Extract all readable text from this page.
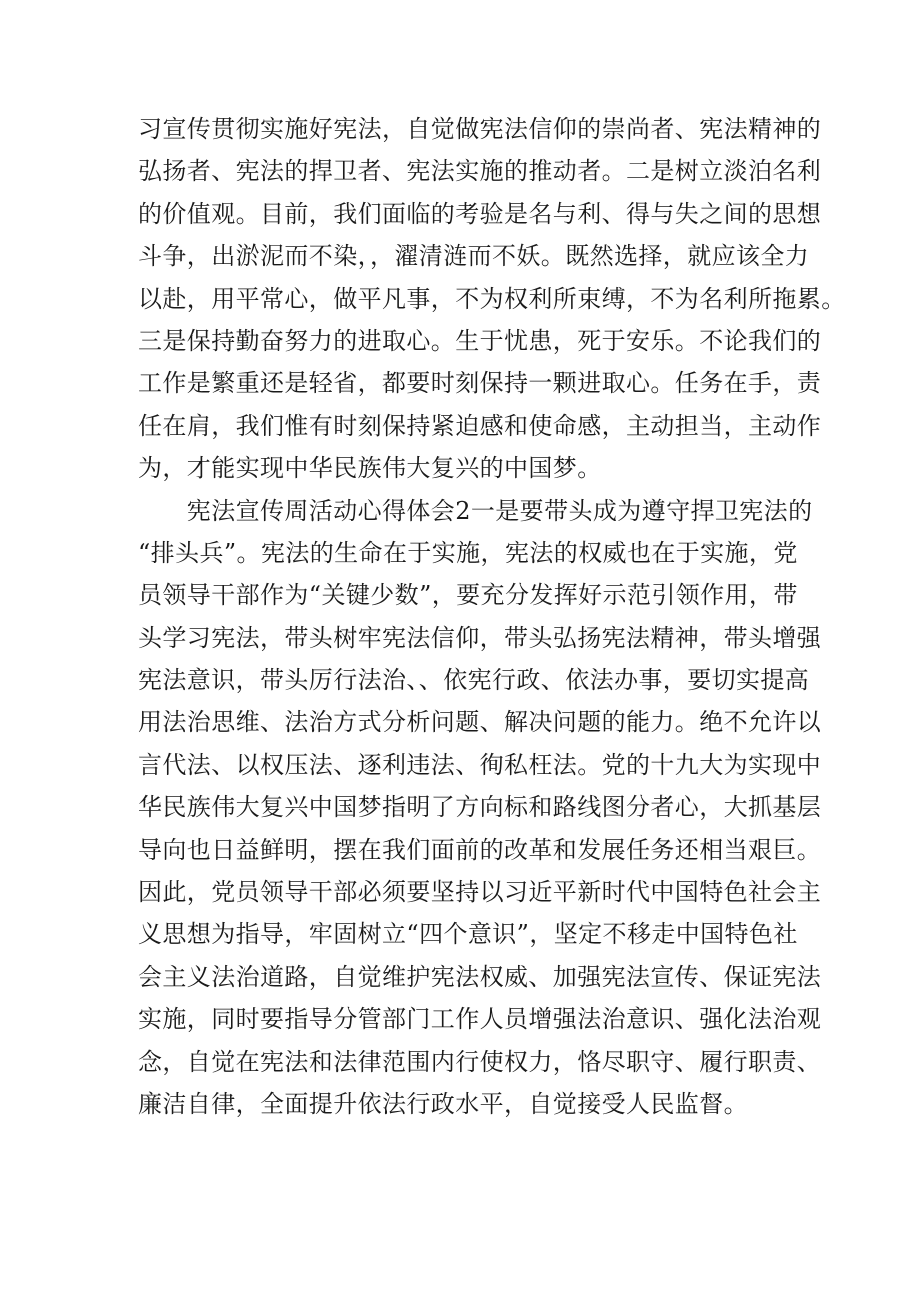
习宣传贯彻实施好宪法，自觉做宪法信仰的崇尚者、宪法精神的
弘扬者、宪法的捍卫者、宪法实施的推动者。二是树立淡泊名利
的价值观。目前，我们面临的考验是名与利、得与失之间的思想
斗争，出淤泥而不染，，濯清涟而不妖。既然选择，就应该全力
以赴，用平常心，做平凡事，不为权利所束缚，不为名利所拖累。
三是保持勤奋努力的进取心。生于忧患，死于安乐。不论我们的
工作是繁重还是轻省，都要时刻保持一颗进取心。任务在手，责
任在肩，我们惟有时刻保持紧迫感和使命感，主动担当，主动作
为，才能实现中华民族伟大复兴的中国梦。
　　宪法宣传周活动心得体会2一是要带头成为遵守捍卫宪法的
“排头兵”。宪法的生命在于实施，宪法的权威也在于实施，党
员领导干部作为“关键少数”，要充分发挥好示范引领作用，带
头学习宪法，带头树牢宪法信仰，带头弘扬宪法精神，带头增强
宪法意识，带头厉行法治、、依宪行政、依法办事，要切实提高
用法治思维、法治方式分析问题、解决问题的能力。绝不允许以
言代法、以权压法、逐利违法、徇私枉法。党的十九大为实现中
华民族伟大复兴中国梦指明了方向标和路线图分者心，大抓基层
导向也日益鲜明，摆在我们面前的改革和发展任务还相当艰巨。
因此，党员领导干部必须要坚持以习近平新时代中国特色社会主
义思想为指导，牢固树立“四个意识”，坚定不移走中国特色社
会主义法治道路，自觉维护宪法权威、加强宪法宣传、保证宪法
实施，同时要指导分管部门工作人员增强法治意识、强化法治观
念，自觉在宪法和法律范围内行使权力，恪尽职守、履行职责、
廉洁自律，全面提升依法行政水平，自觉接受人民监督。
